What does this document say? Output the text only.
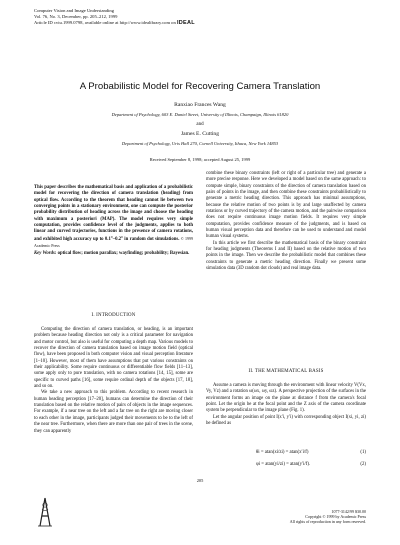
Computer Vision and Image Understanding
Vol. 76, No. 3, December, pp. 205–212, 1999
Article ID cviu.1999.0798, available online at http://www.idealibrary.com on IDEAL
A Probabilistic Model for Recovering Camera Translation
Ranxiao Frances Wang
Department of Psychology, 603 E. Daniel Street, University of Illinois, Champaign, Illinois 61820
and
James E. Cutting
Department of Psychology, Uris Hall 270, Cornell University, Ithaca, New York 14853
Received September 8, 1998; accepted August 25, 1999

This paper describes the mathematical basis and application of a probabilistic model for recovering the direction of camera translation (heading) from optical flow. According to the theorem that heading cannot lie between two converging points in a stationary environment, one can compute the posterior probability distribution of heading across the image and choose the heading with maximum a posteriori (MAP). The model requires very simple computation, provides confidence level of the judgments, applies to both linear and curved trajectories, functions in the presence of camera rotations, and exhibited high accuracy up to 0.1°–0.2° in random dot simulations. © 1999 Academic Press

Key Words: optical flow; motion parallax; wayfinding; probability; Bayesian.

I. INTRODUCTION

Computing the direction of camera translation, or heading, is an important problem because heading direction not only is a critical parameter for navigation and motor control, but also is useful for computing a depth map. Various models to recover the direction of camera translation based on image motion field (optical flow), have been proposed in both computer vision and visual perception literature [1–10]. However, most of them have assumptions that put various constraints on their applicability. Some require continuous or differentiable flow fields [11–13], some apply only to pure translation, with no camera rotations [14, 15], some are specific to curved paths [16], some require ordinal depth of the objects [17, 18], and so on.

We take a new approach to this problem. According to recent research in human heading perception [17–20], humans can determine the direction of their translation based on the relative motion of pairs of objects in the image sequences. For example, if a near tree on the left and a far tree on the right are moving closer to each other in the image, participants judged their movements to be to the left of the near tree. Furthermore, when there are more than one pair of trees in the scene, they can apparently

combine these binary constraints (left or right of a particular tree) and generate a more precise response. Here we developed a model based on the same approach: to compute simple, binary constraints of the direction of camera translation based on pairs of points in the image, and then combine these constraints probabilistically to generate a metric heading direction. This approach has minimal assumptions, because the relative motion of two points is by and large unaffected by camera rotations or by curved trajectory of the camera motion, and the pairwise comparison does not require continuous image motion fields. It requires very simple computation, provides confidence measure of the judgments, and is based on human visual perception data and therefore can be used to understand and model human visual systems.

In this article we first describe the mathematical basis of the binary constraint for heading judgments (Theorems I and II) based on the relative motion of two points in the image. Then we describe the probabilistic model that combines these constraints to generate a metric heading direction. Finally we present some simulation data (3D random dot clouds) and real image data.

II. THE MATHEMATICAL BASIS

Assume a camera is moving through the environment with linear velocity V(Vx, Vy, Vz) and a rotation ω(ωx, ωy, ωz). A perspective projection of the surfaces in the environment forms an image on the plane at distance f from the camera's focal point. Let the origin be at the focal point and the Z axis of the camera coordinate system be perpendicular to the image plane (Fig. 1).

Let the angular position of point I(x′i, y′i) with corresponding object I(xi, yi, zi) be defined as

θi = atan(xi/zi) = atan(x′i/f)	(1)
φi = atan(yi/zi) = atan(y′i/f).	(2)
205
1077-3142/99 $30.00
Copyright © 1999 by Academic Press
All rights of reproduction in any form reserved.
